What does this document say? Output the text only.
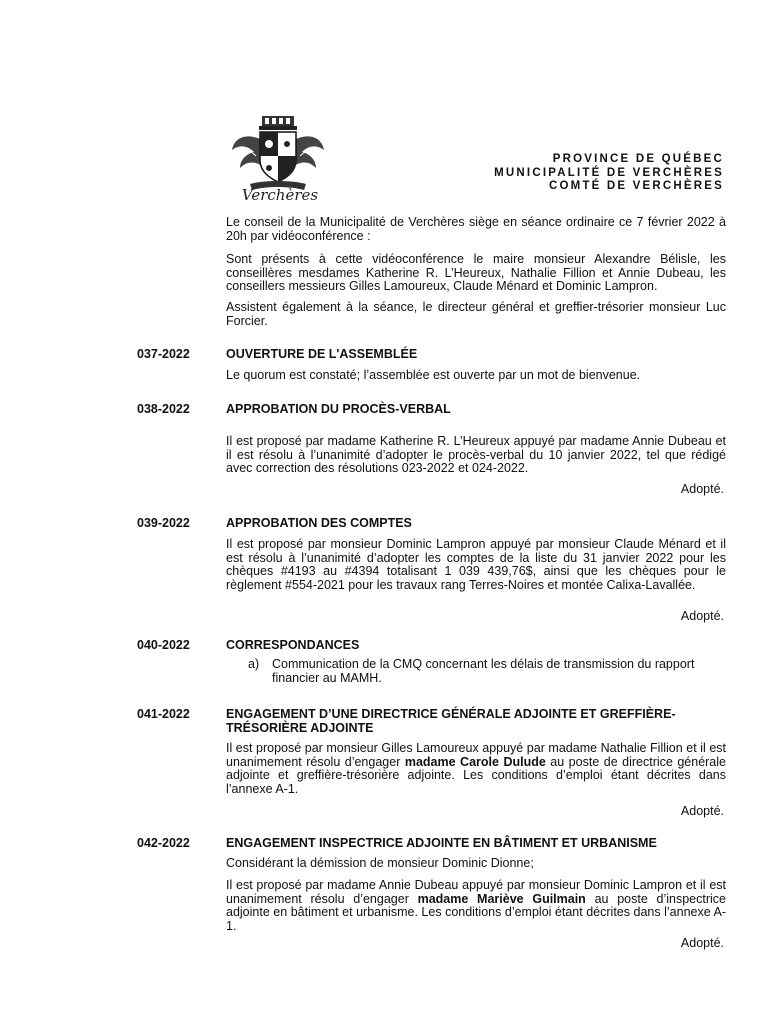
Verchères
PROVINCE DE QUÉBEC
MUNICIPALITÉ DE VERCHÈRES
COMTÉ DE VERCHÈRES

Le conseil de la Municipalité de Verchères siège en séance ordinaire ce 7 février 2022 à 20h par vidéoconférence :

Sont présents à cette vidéoconférence le maire monsieur Alexandre Bélisle, les conseillères mesdames Katherine R. L’Heureux, Nathalie Fillion et Annie Dubeau, les conseillers messieurs Gilles Lamoureux, Claude Ménard et Dominic Lampron.

Assistent également à la séance, le directeur général et greffier-trésorier monsieur Luc Forcier.

037-2022	OUVERTURE DE L'ASSEMBLÉE

Le quorum est constaté; l’assemblée est ouverte par un mot de bienvenue.

038-2022	APPROBATION DU PROCÈS-VERBAL

Il est proposé par madame Katherine R. L’Heureux appuyé par madame Annie Dubeau et il est résolu à l’unanimité d’adopter le procès-verbal du 10 janvier 2022, tel que rédigé avec correction des résolutions 023-2022 et 024-2022.

Adopté.
039-2022	APPROBATION DES COMPTES

Il est proposé par monsieur Dominic Lampron appuyé par monsieur Claude Ménard et il est résolu à l’unanimité d’adopter les comptes de la liste du 31 janvier 2022 pour les chèques #4193 au #4394 totalisant 1 039 439,76$, ainsi que les chèques pour le règlement #554-2021 pour les travaux rang Terres-Noires et montée Calixa-Lavallée.

Adopté.
040-2022	CORRESPONDANCES
a) Communication de la CMQ concernant les délais de transmission du rapport financier au MAMH.
041-2022	ENGAGEMENT D’UNE DIRECTRICE GÉNÉRALE ADJOINTE ET GREFFIÈRE-TRÉSORIÈRE ADJOINTE

Il est proposé par monsieur Gilles Lamoureux appuyé par madame Nathalie Fillion et il est unanimement résolu d’engager madame Carole Dulude au poste de directrice générale adjointe et greffière-trésorière adjointe. Les conditions d’emploi étant décrites dans l’annexe A-1.

Adopté.
042-2022	ENGAGEMENT INSPECTRICE ADJOINTE EN BÂTIMENT ET URBANISME

Considérant la démission de monsieur Dominic Dionne;

Il est proposé par madame Annie Dubeau appuyé par monsieur Dominic Lampron et il est unanimement résolu d’engager madame Mariève Guilmain au poste d’inspectrice adjointe en bâtiment et urbanisme. Les conditions d’emploi étant décrites dans l’annexe A-1.

Adopté.
